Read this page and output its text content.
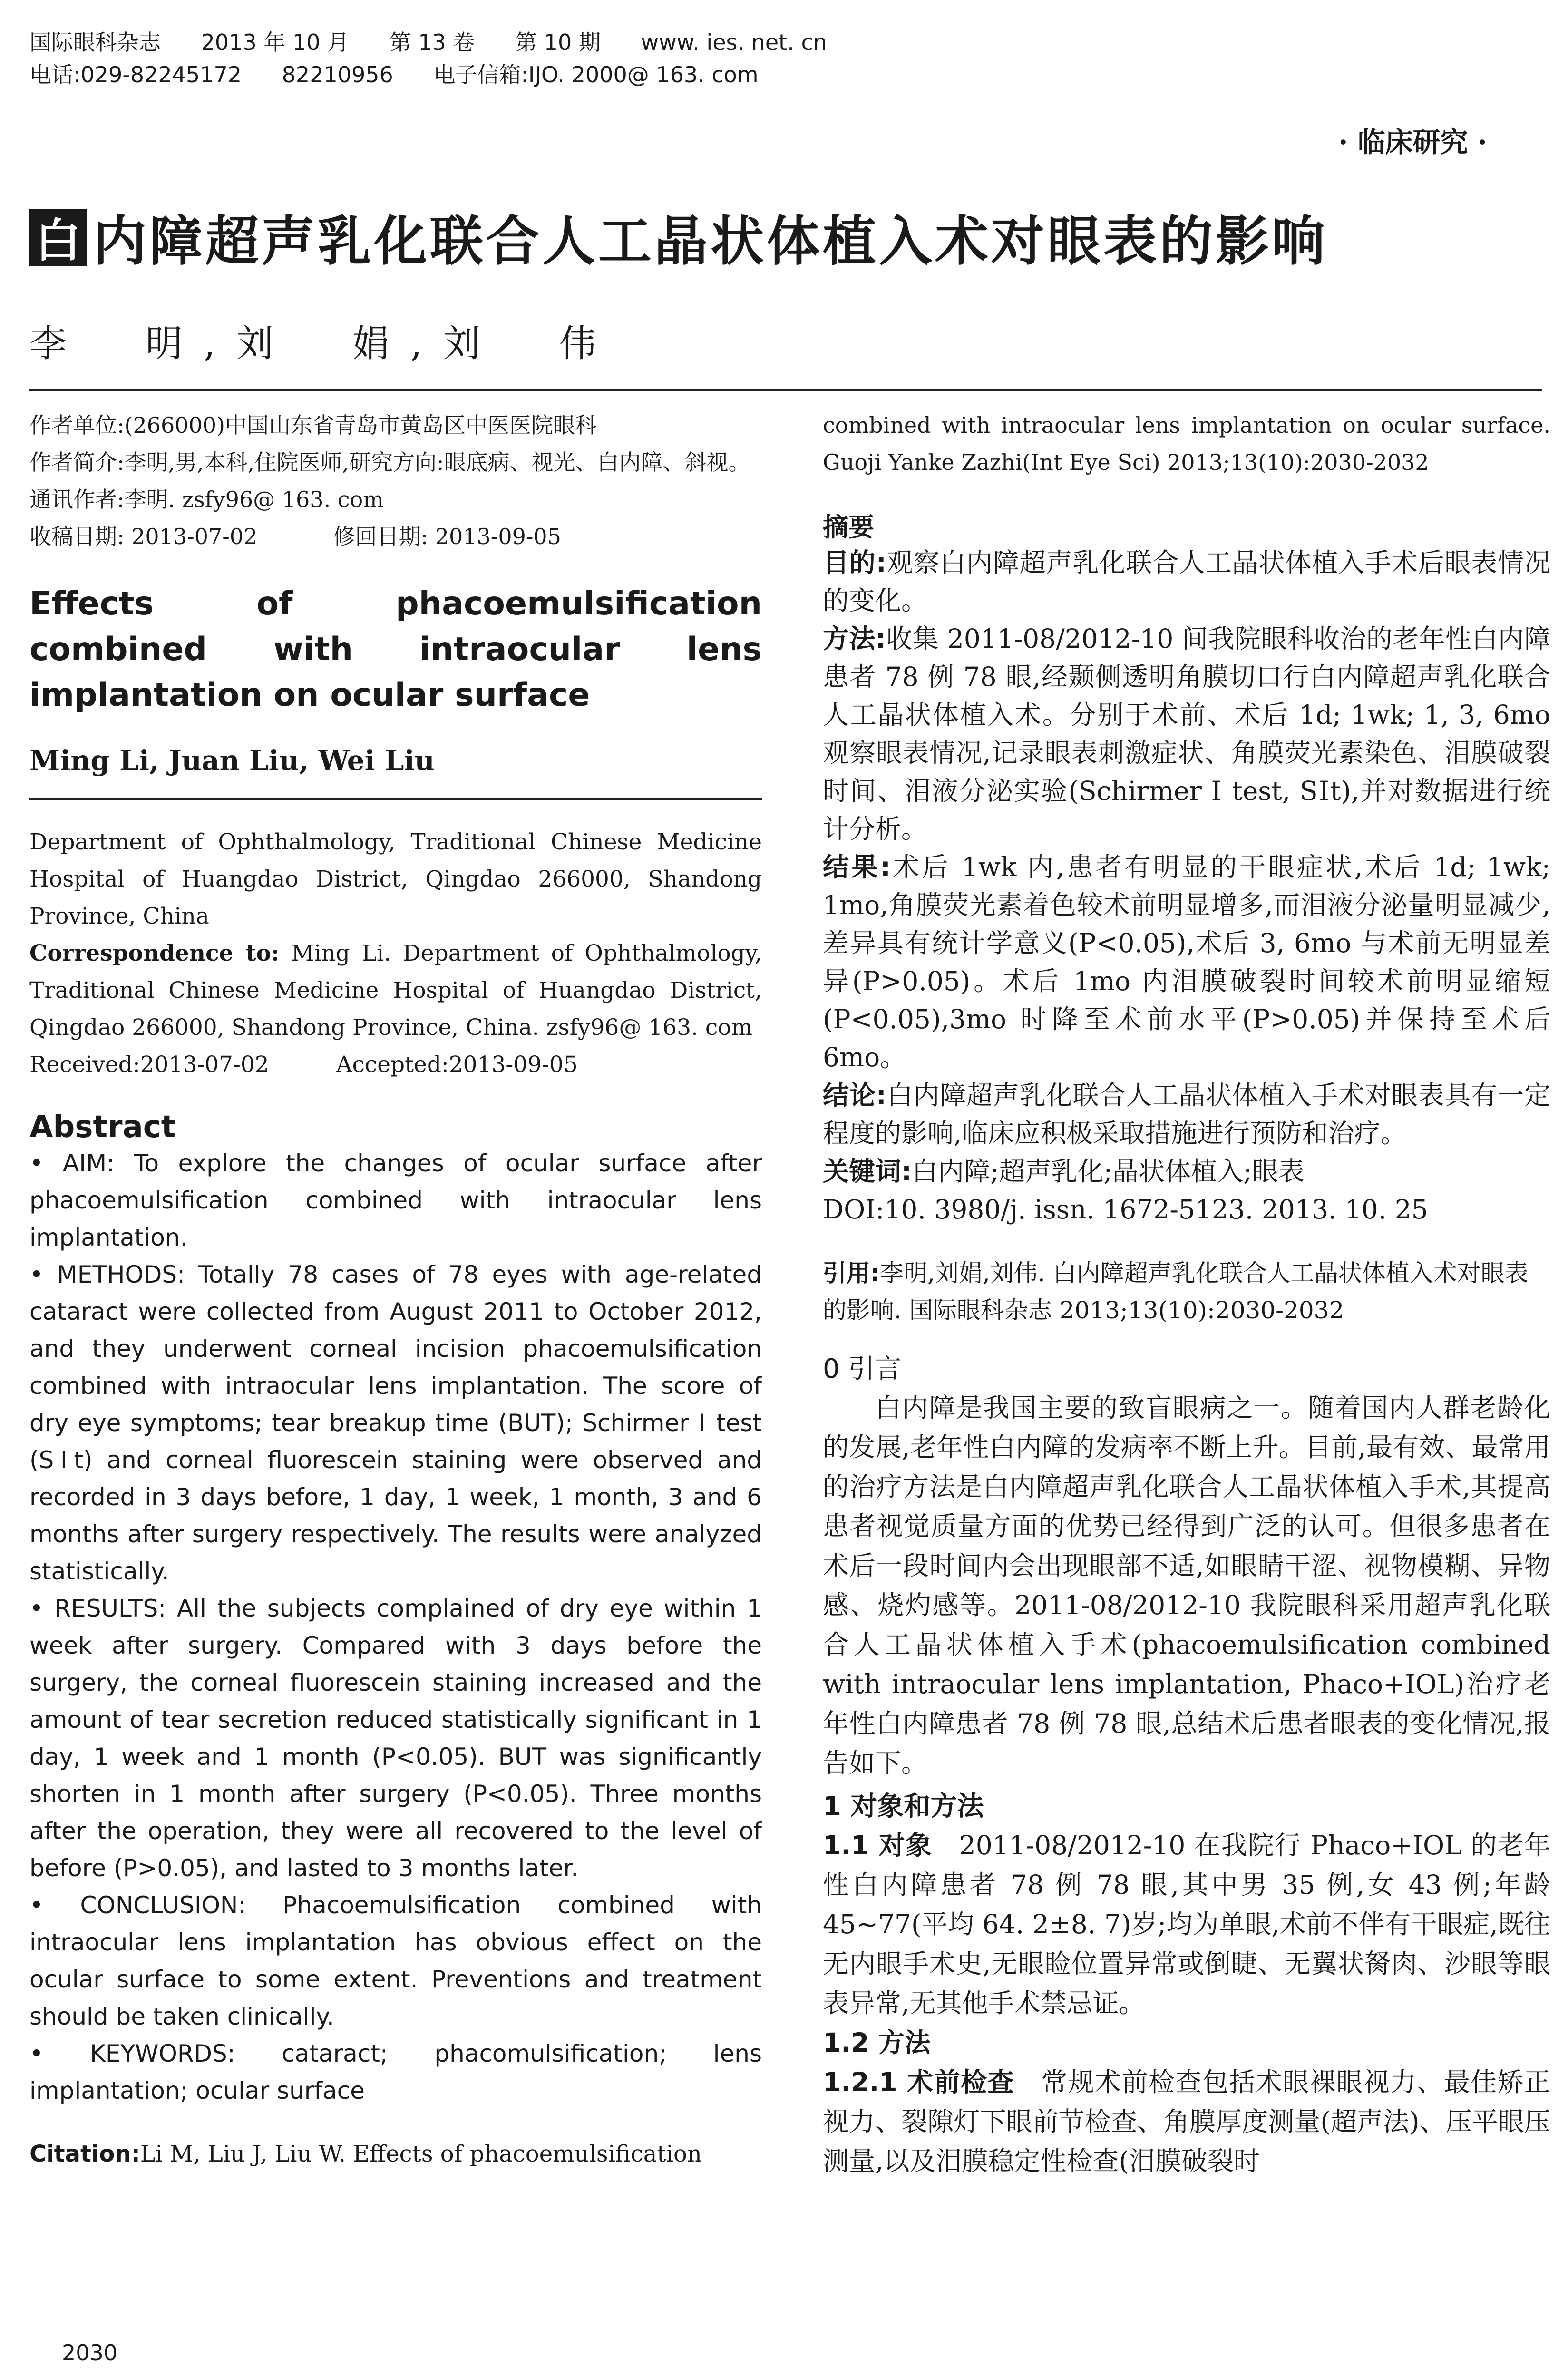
国际眼科杂志 2013 年 10 月 第 13 卷 第 10 期 www. ies. net. cn
电话:029-82245172 82210956 电子信箱:IJO. 2000@ 163. com
· 临床研究 ·
白 内障超声乳化联合人工晶状体植入术对眼表的影响
李　明,刘　娟,刘　伟
作者单位:(266000)中国山东省青岛市黄岛区中医医院眼科
作者简介:李明,男,本科,住院医师,研究方向:眼底病、视光、白内障、斜视。
通讯作者:李明. zsfy96@ 163. com
收稿日期: 2013-07-02	修回日期: 2013-09-05
Effects of phacoemulsification combined with intraocular lens implantation on ocular surface
Ming Li, Juan Liu, Wei Liu
Department of Ophthalmology, Traditional Chinese Medicine Hospital of Huangdao District, Qingdao 266000, Shandong Province, China
Correspondence to: Ming Li. Department of Ophthalmology, Traditional Chinese Medicine Hospital of Huangdao District, Qingdao 266000, Shandong Province, China. zsfy96@ 163. com
Received:2013-07-02　　　Accepted:2013-09-05
Abstract

• AIM: To explore the changes of ocular surface after phacoemulsification combined with intraocular lens implantation.

• METHODS: Totally 78 cases of 78 eyes with age-related cataract were collected from August 2011 to October 2012, and they underwent corneal incision phacoemulsification combined with intraocular lens implantation. The score of dry eye symptoms; tear breakup time (BUT); Schirmer Ⅰ test (SⅠt) and corneal fluorescein staining were observed and recorded in 3 days before, 1 day, 1 week, 1 month, 3 and 6 months after surgery respectively. The results were analyzed statistically.

• RESULTS: All the subjects complained of dry eye within 1 week after surgery. Compared with 3 days before the surgery, the corneal fluorescein staining increased and the amount of tear secretion reduced statistically significant in 1 day, 1 week and 1 month (P<0.05). BUT was significantly shorten in 1 month after surgery (P<0.05). Three months after the operation, they were all recovered to the level of before (P>0.05), and lasted to 3 months later.

• CONCLUSION: Phacoemulsification combined with intraocular lens implantation has obvious effect on the ocular surface to some extent. Preventions and treatment should be taken clinically.

• KEYWORDS: cataract; phacomulsification; lens implantation; ocular surface

Citation:Li M, Liu J, Liu W. Effects of phacoemulsification
combined with intraocular lens implantation on ocular surface. Guoji Yanke Zazhi(Int Eye Sci) 2013;13(10):2030-2032
摘要

目的:观察白内障超声乳化联合人工晶状体植入手术后眼表情况的变化。

方法:收集 2011-08/2012-10 间我院眼科收治的老年性白内障患者 78 例 78 眼,经颞侧透明角膜切口行白内障超声乳化联合人工晶状体植入术。分别于术前、术后 1d; 1wk; 1, 3, 6mo 观察眼表情况,记录眼表刺激症状、角膜荧光素染色、泪膜破裂时间、泪液分泌实验(Schirmer Ⅰ test, SⅠt),并对数据进行统计分析。

结果:术后 1wk 内,患者有明显的干眼症状,术后 1d; 1wk; 1mo,角膜荧光素着色较术前明显增多,而泪液分泌量明显减少,差异具有统计学意义(P<0.05),术后 3, 6mo 与术前无明显差异(P>0.05)。术后 1mo 内泪膜破裂时间较术前明显缩短(P<0.05),3mo 时降至术前水平(P>0.05)并保持至术后 6mo。

结论:白内障超声乳化联合人工晶状体植入手术对眼表具有一定程度的影响,临床应积极采取措施进行预防和治疗。

关键词:白内障;超声乳化;晶状体植入;眼表

DOI:10. 3980/j. issn. 1672-5123. 2013. 10. 25

引用:李明,刘娟,刘伟. 白内障超声乳化联合人工晶状体植入术对眼表的影响. 国际眼科杂志 2013;13(10):2030-2032
0 引言

白内障是我国主要的致盲眼病之一。随着国内人群老龄化的发展,老年性白内障的发病率不断上升。目前,最有效、最常用的治疗方法是白内障超声乳化联合人工晶状体植入手术,其提高患者视觉质量方面的优势已经得到广泛的认可。但很多患者在术后一段时间内会出现眼部不适,如眼睛干涩、视物模糊、异物感、烧灼感等。2011-08/2012-10 我院眼科采用超声乳化联合人工晶状体植入手术(phacoemulsification combined with intraocular lens implantation, Phaco+IOL)治疗老年性白内障患者 78 例 78 眼,总结术后患者眼表的变化情况,报告如下。

1 对象和方法

1.1 对象　 2011-08/2012-10 在我院行 Phaco+IOL 的老年性白内障患者 78 例 78 眼,其中男 35 例,女 43 例;年龄 45~77(平均 64. 2±8. 7)岁;均为单眼,术前不伴有干眼症,既往无内眼手术史,无眼睑位置异常或倒睫、无翼状胬肉、沙眼等眼表异常,无其他手术禁忌证。

1.2 方法

1.2.1 术前检查　 常规术前检查包括术眼裸眼视力、最佳矫正视力、裂隙灯下眼前节检查、角膜厚度测量(超声法)、压平眼压测量,以及泪膜稳定性检查(泪膜破裂时

2030
